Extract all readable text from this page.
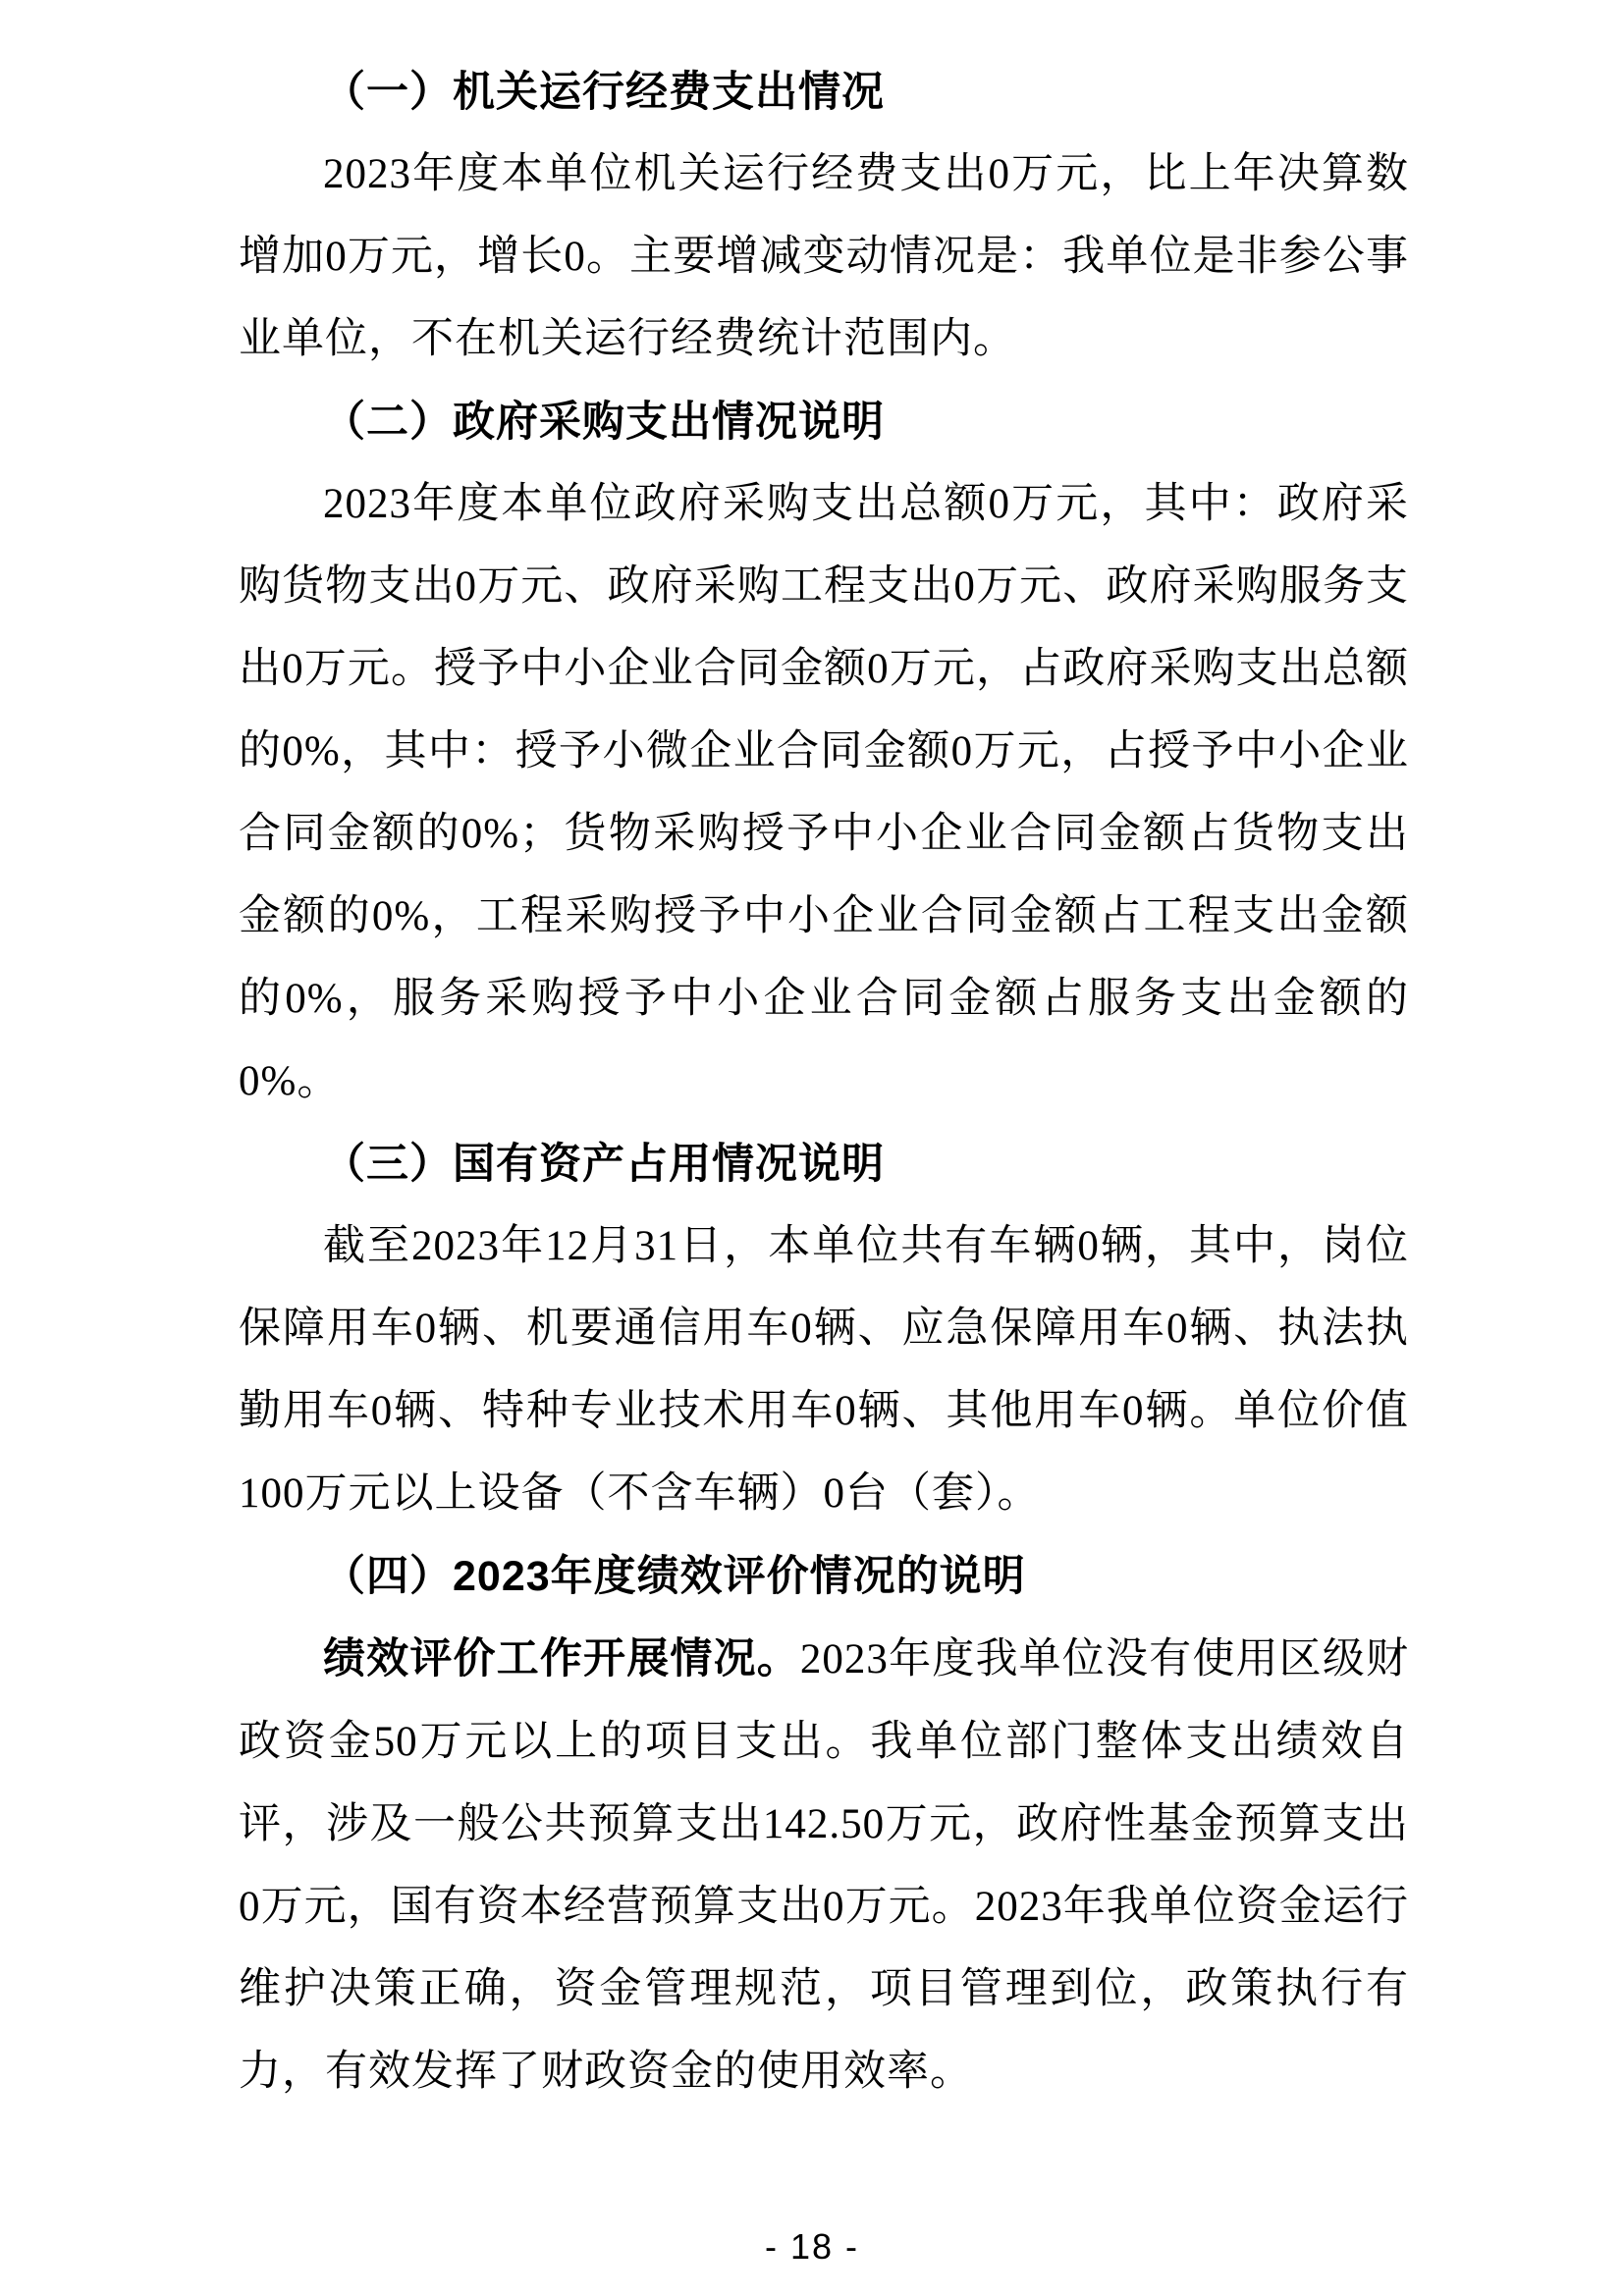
（一）机关运行经费支出情况

2023年度本单位机关运行经费支出0万元，比上年决算数增加0万元，增长0。主要增减变动情况是：我单位是非参公事业单位，不在机关运行经费统计范围内。

（二）政府采购支出情况说明

2023年度本单位政府采购支出总额0万元，其中：政府采购货物支出0万元、政府采购工程支出0万元、政府采购服务支出0万元。授予中小企业合同金额0万元，占政府采购支出总额的0%，其中：授予小微企业合同金额0万元，占授予中小企业合同金额的0%；货物采购授予中小企业合同金额占货物支出金额的0%，工程采购授予中小企业合同金额占工程支出金额的0%，服务采购授予中小企业合同金额占服务支出金额的0%。

（三）国有资产占用情况说明

截至2023年12月31日，本单位共有车辆0辆，其中，岗位保障用车0辆、机要通信用车0辆、应急保障用车0辆、执法执勤用车0辆、特种专业技术用车0辆、其他用车0辆。单位价值100万元以上设备（不含车辆）0台（套）。

（四）2023年度绩效评价情况的说明

绩效评价工作开展情况。2023年度我单位没有使用区级财政资金50万元以上的项目支出。我单位部门整体支出绩效自评，涉及一般公共预算支出142.50万元，政府性基金预算支出0万元，国有资本经营预算支出0万元。2023年我单位资金运行维护决策正确，资金管理规范，项目管理到位，政策执行有力，有效发挥了财政资金的使用效率。

- 18 -
